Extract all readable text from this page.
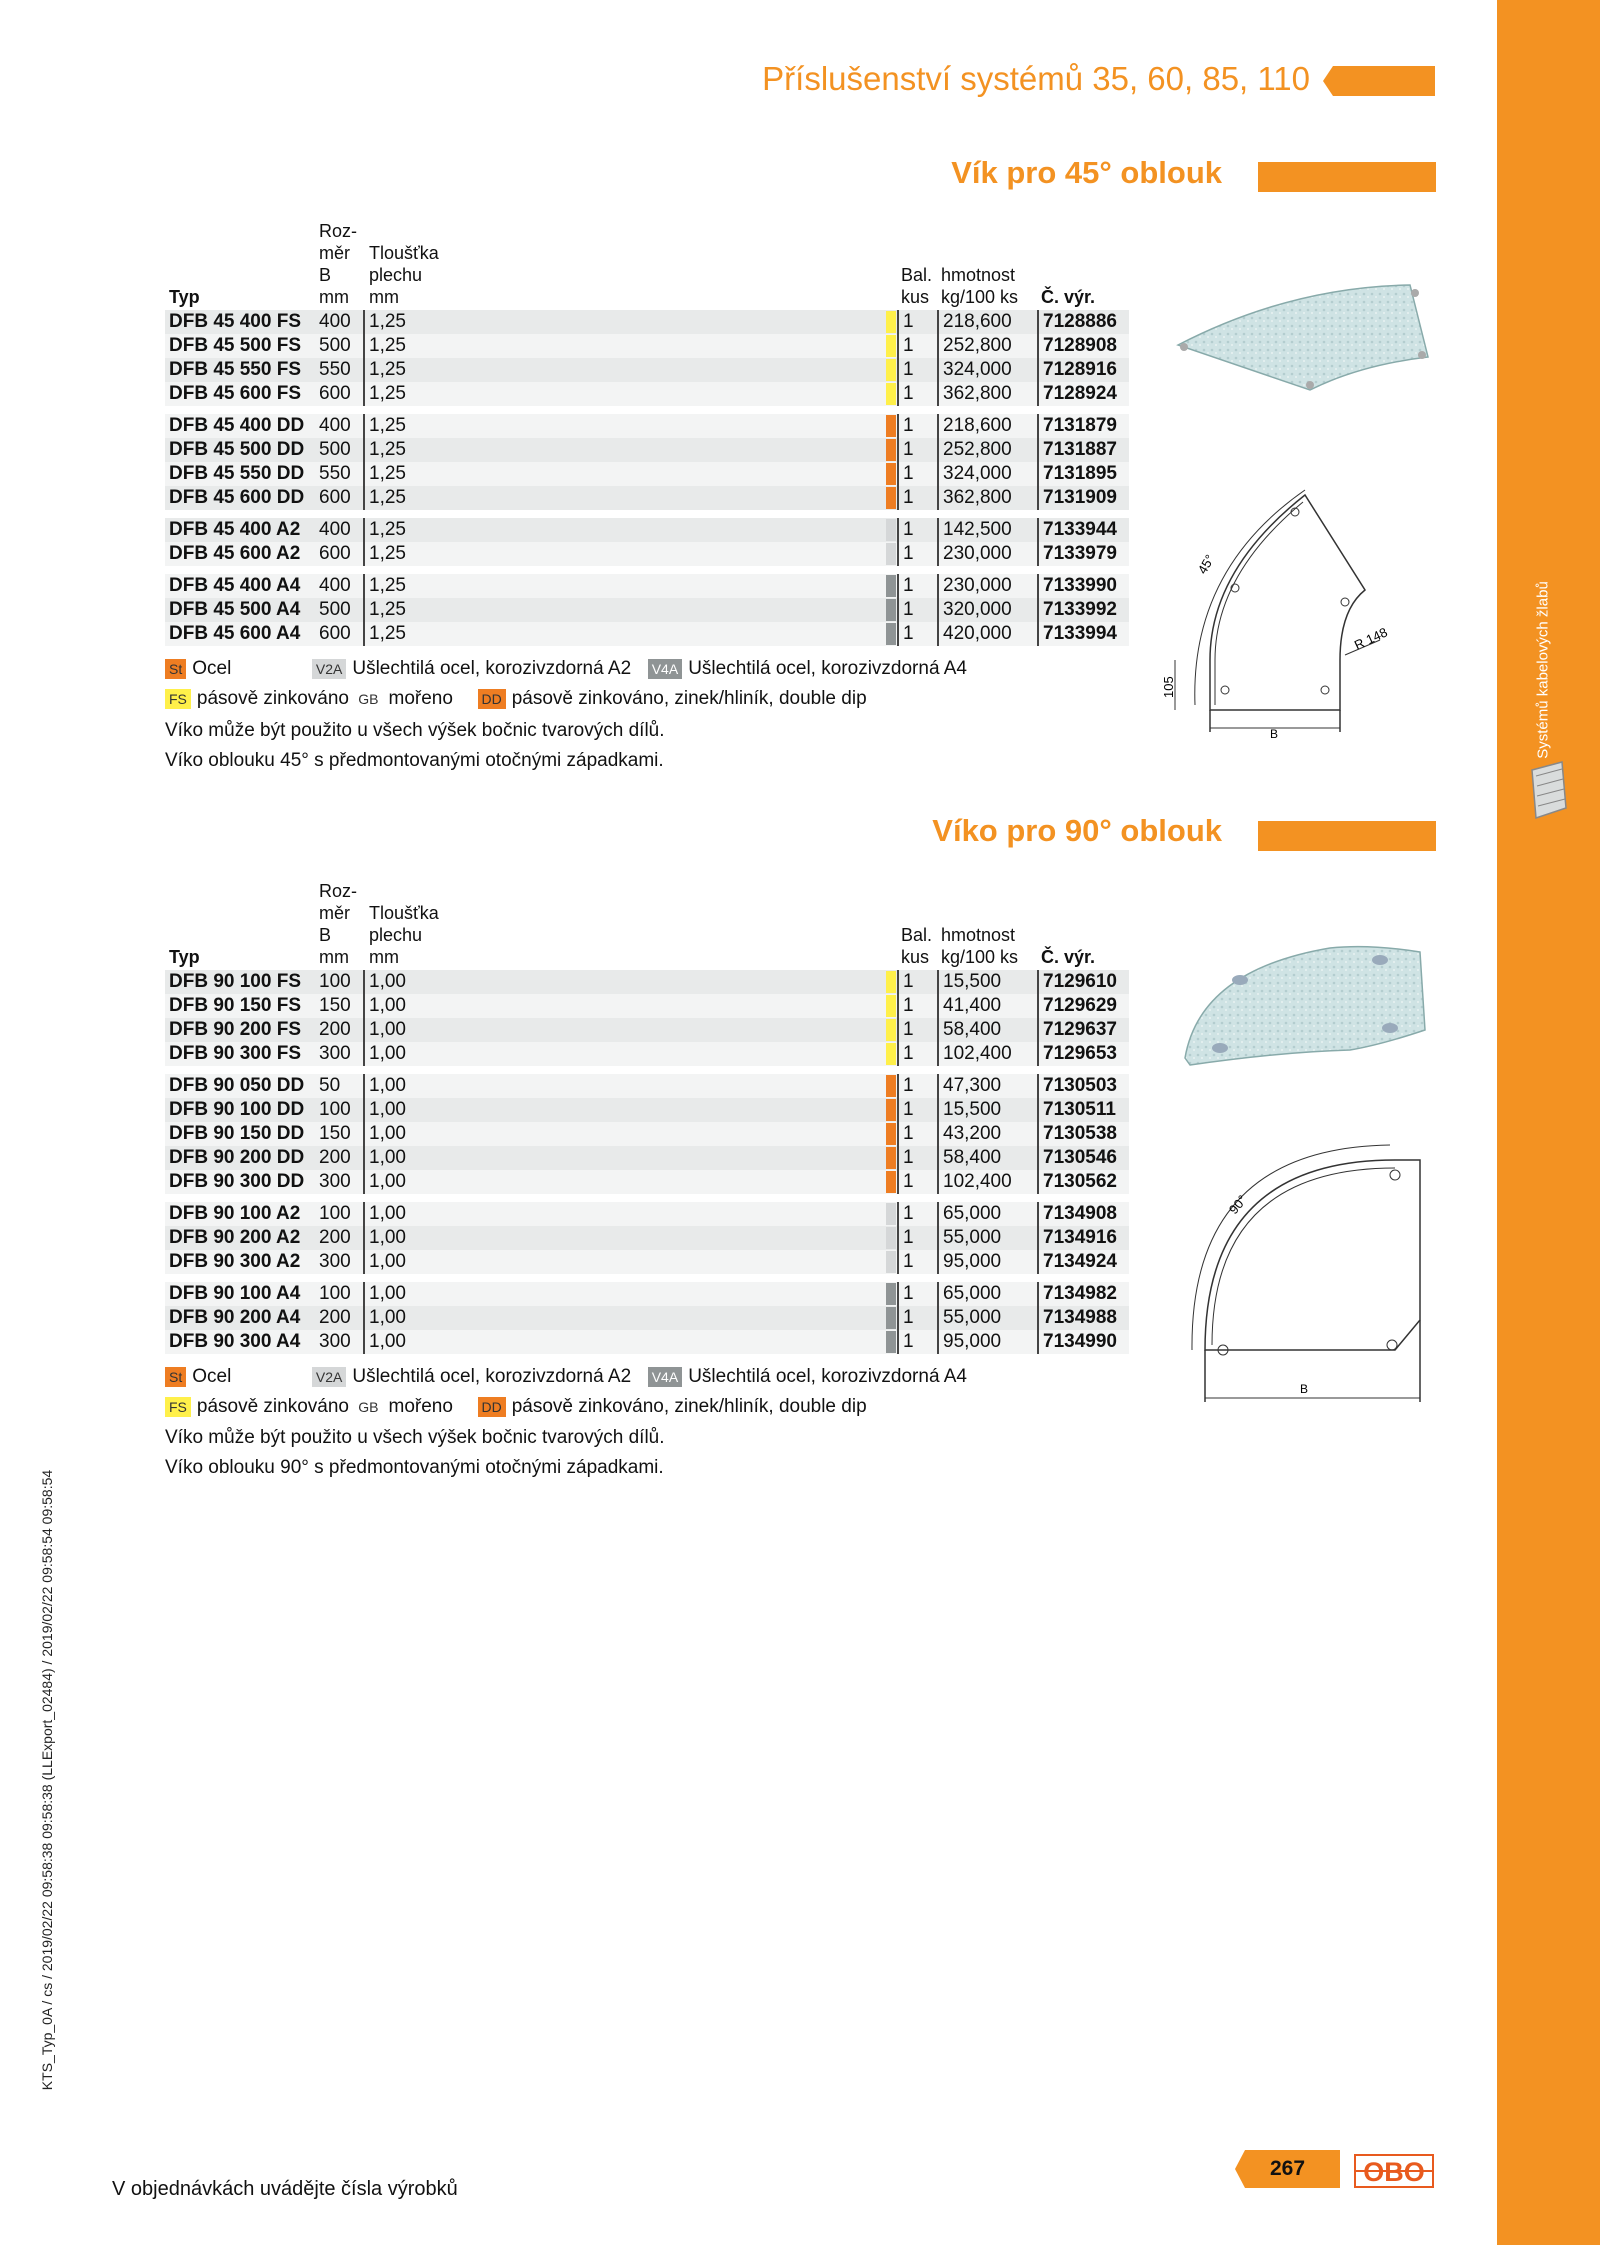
Systémů kabelových žlabů
Příslušenství systémů 35, 60, 85, 110
Vík pro 45° oblouk
Typ	Roz-
měr
B
mm	Tloušťka
plechu
mm		Bal.
kus	hmotnost
kg/100 ks	Č. výr.
DFB 45 400 FS	400	1,25		1	218,600	7128886
DFB 45 500 FS	500	1,25		1	252,800	7128908
DFB 45 550 FS	550	1,25		1	324,000	7128916
DFB 45 600 FS	600	1,25		1	362,800	7128924

DFB 45 400 DD	400	1,25		1	218,600	7131879
DFB 45 500 DD	500	1,25		1	252,800	7131887
DFB 45 550 DD	550	1,25		1	324,000	7131895
DFB 45 600 DD	600	1,25		1	362,800	7131909

DFB 45 400 A2	400	1,25		1	142,500	7133944
DFB 45 600 A2	600	1,25		1	230,000	7133979

DFB 45 400 A4	400	1,25		1	230,000	7133990
DFB 45 500 A4	500	1,25		1	320,000	7133992
DFB 45 600 A4	600	1,25		1	420,000	7133994
St Ocel	V2A Ušlechtilá ocel, korozivzdorná A2 V4A Ušlechtilá ocel, korozivzdorná A4
FS pásově zinkováno GB mořeno DD pásově zinkováno, zinek/hliník, double dip
Víko může být použito u všech výšek bočnic tvarových dílů.
Víko oblouku 45° s předmontovanými otočnými západkami.
45°
R 148
105
B
Víko pro 90° oblouk
Typ	Roz-
měr
B
mm	Tloušťka
plechu
mm		Bal.
kus	hmotnost
kg/100 ks	Č. výr.
DFB 90 100 FS	100	1,00		1	15,500	7129610
DFB 90 150 FS	150	1,00		1	41,400	7129629
DFB 90 200 FS	200	1,00		1	58,400	7129637
DFB 90 300 FS	300	1,00		1	102,400	7129653

DFB 90 050 DD	50	1,00		1	47,300	7130503
DFB 90 100 DD	100	1,00		1	15,500	7130511
DFB 90 150 DD	150	1,00		1	43,200	7130538
DFB 90 200 DD	200	1,00		1	58,400	7130546
DFB 90 300 DD	300	1,00		1	102,400	7130562

DFB 90 100 A2	100	1,00		1	65,000	7134908
DFB 90 200 A2	200	1,00		1	55,000	7134916
DFB 90 300 A2	300	1,00		1	95,000	7134924

DFB 90 100 A4	100	1,00		1	65,000	7134982
DFB 90 200 A4	200	1,00		1	55,000	7134988
DFB 90 300 A4	300	1,00		1	95,000	7134990
St Ocel	V2A Ušlechtilá ocel, korozivzdorná A2 V4A Ušlechtilá ocel, korozivzdorná A4
FS pásově zinkováno GB mořeno DD pásově zinkováno, zinek/hliník, double dip
Víko může být použito u všech výšek bočnic tvarových dílů.
Víko oblouku 90° s předmontovanými otočnými západkami.
90°
B
KTS_Typ_0A / cs / 2019/02/22 09:58:38 09:58:38 (LLExport_02484) / 2019/02/22 09:58:54 09:58:54
V objednávkách uvádějte čísla výrobků
267	OBO
